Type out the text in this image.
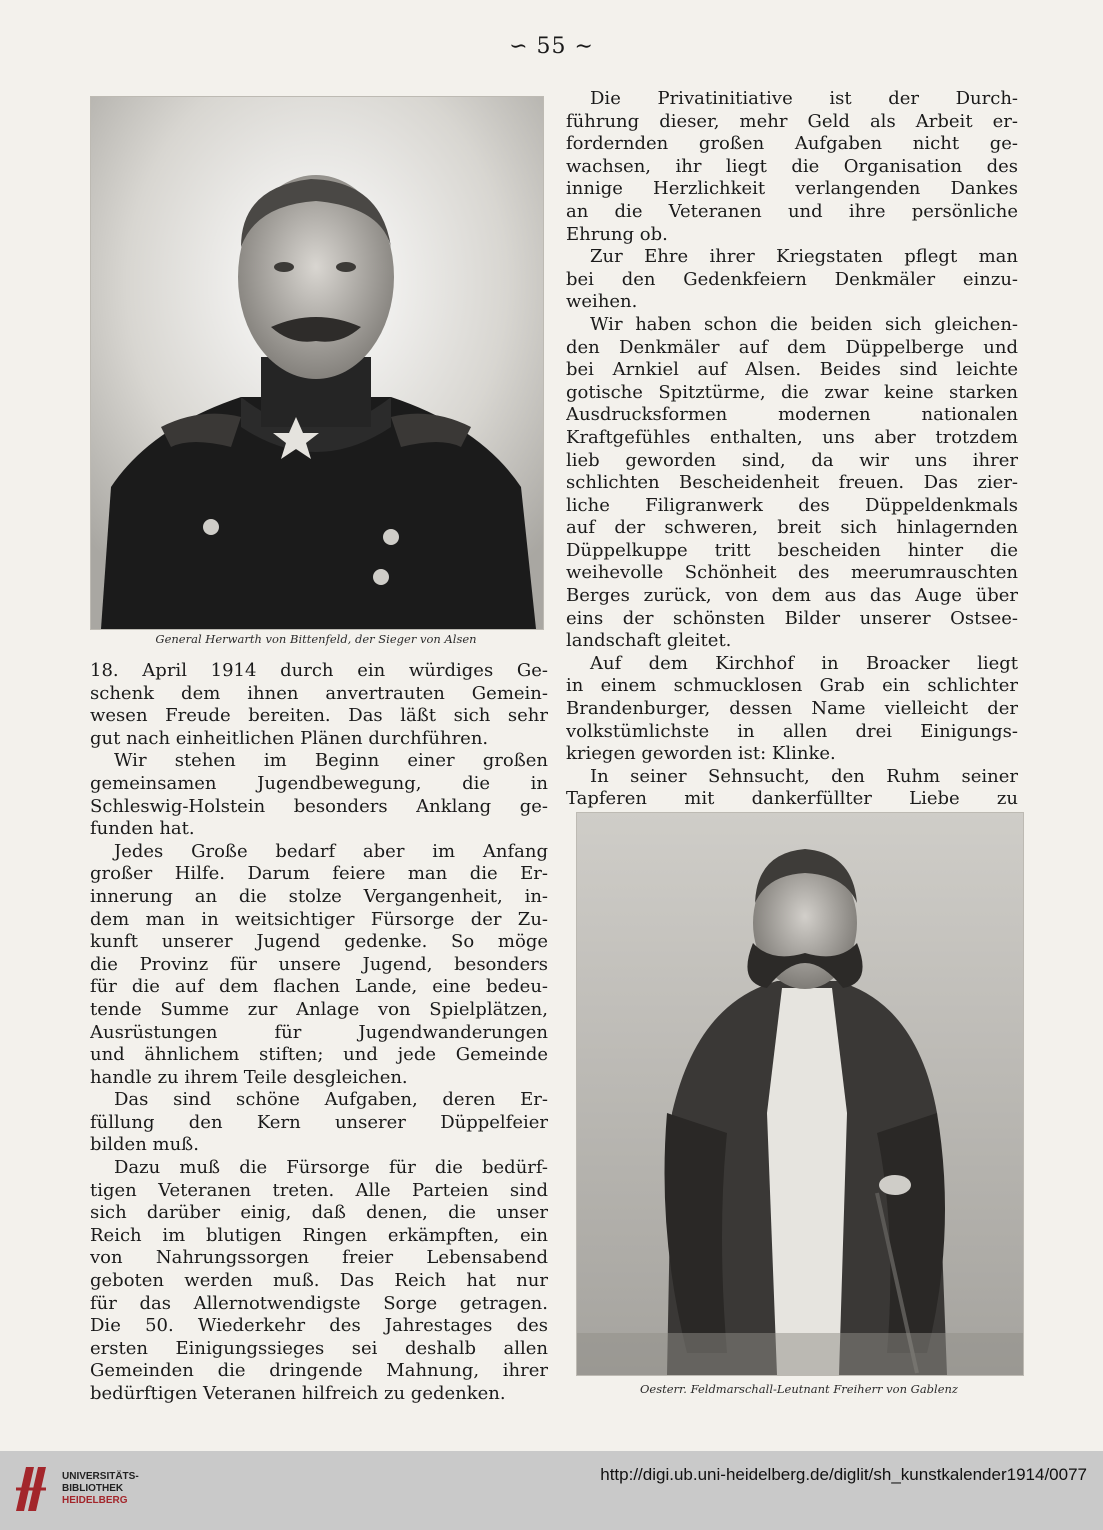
∽ 55 ∼
General Herwarth von Bittenfeld, der Sieger von Alsen
18. April 1914 durch ein würdiges Ge-
schenk dem ihnen anvertrauten Gemein-
wesen Freude bereiten. Das läßt sich sehr
gut nach einheitlichen Plänen durchführen.
Wir stehen im Beginn einer großen
gemeinsamen Jugendbewegung, die in
Schleswig-Holstein besonders Anklang ge-
funden hat.
Jedes Große bedarf aber im Anfang
großer Hilfe. Darum feiere man die Er-
innerung an die stolze Vergangenheit, in-
dem man in weitsichtiger Fürsorge der Zu-
kunft unserer Jugend gedenke. So möge
die Provinz für unsere Jugend, besonders
für die auf dem flachen Lande, eine bedeu-
tende Summe zur Anlage von Spielplätzen,
Ausrüstungen für Jugendwanderungen
und ähnlichem stiften; und jede Gemeinde
handle zu ihrem Teile desgleichen.
Das sind schöne Aufgaben, deren Er-
füllung den Kern unserer Düppelfeier
bilden muß.
Dazu muß die Fürsorge für die bedürf-
tigen Veteranen treten. Alle Parteien sind
sich darüber einig, daß denen, die unser
Reich im blutigen Ringen erkämpften, ein
von Nahrungssorgen freier Lebensabend
geboten werden muß. Das Reich hat nur
für das Allernotwendigste Sorge getragen.
Die 50. Wiederkehr des Jahrestages des
ersten Einigungssieges sei deshalb allen
Gemeinden die dringende Mahnung, ihrer
bedürftigen Veteranen hilfreich zu gedenken.
Die Privatinitiative ist der Durch-
führung dieser, mehr Geld als Arbeit er-
fordernden großen Aufgaben nicht ge-
wachsen, ihr liegt die Organisation des
innige Herzlichkeit verlangenden Dankes
an die Veteranen und ihre persönliche
Ehrung ob.
Zur Ehre ihrer Kriegstaten pflegt man
bei den Gedenkfeiern Denkmäler einzu-
weihen.
Wir haben schon die beiden sich gleichen-
den Denkmäler auf dem Düppelberge und
bei Arnkiel auf Alsen. Beides sind leichte
gotische Spitztürme, die zwar keine starken
Ausdrucksformen modernen nationalen
Kraftgefühles enthalten, uns aber trotzdem
lieb geworden sind, da wir uns ihrer
schlichten Bescheidenheit freuen. Das zier-
liche Filigranwerk des Düppeldenkmals
auf der schweren, breit sich hinlagernden
Düppelkuppe tritt bescheiden hinter die
weihevolle Schönheit des meerumrauschten
Berges zurück, von dem aus das Auge über
eins der schönsten Bilder unserer Ostsee-
landschaft gleitet.
Auf dem Kirchhof in Broacker liegt
in einem schmucklosen Grab ein schlichter
Brandenburger, dessen Name vielleicht der
volkstümlichste in allen drei Einigungs-
kriegen geworden ist: Klinke.
In seiner Sehnsucht, den Ruhm seiner
Tapferen mit dankerfüllter Liebe zu
Oesterr. Feldmarschall-Leutnant Freiherr von Gablenz
UNIVERSITÄTS-
BIBLIOTHEK
HEIDELBERG
http://digi.ub.uni-heidelberg.de/diglit/sh_kunstkalender1914/0077
